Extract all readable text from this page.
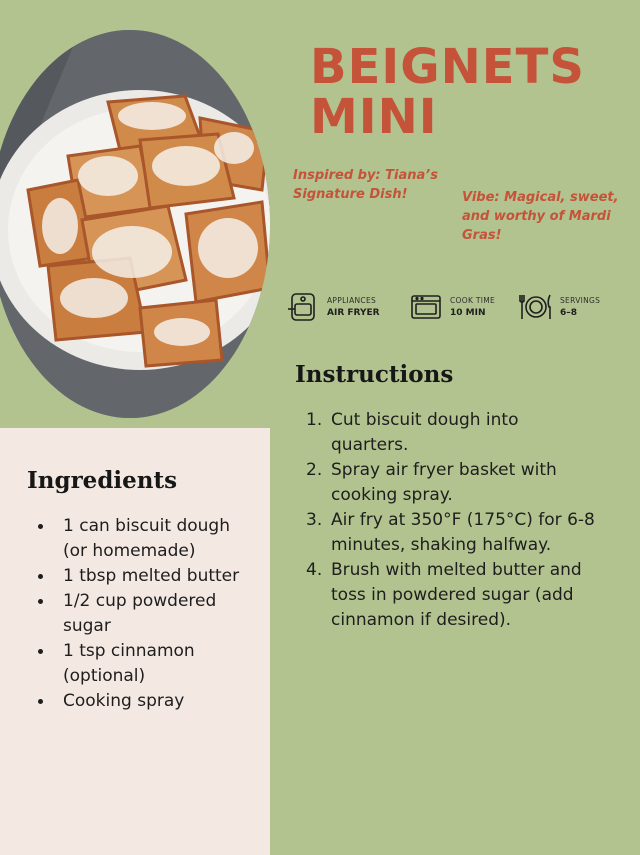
BEIGNETS
MINI
Inspired by: Tiana’s Signature Dish!	Vibe: Magical, sweet, and worthy of Mardi Gras!
APPLIANCES
AIR FRYER
COOK TIME
10 MIN
SERVINGS
6–8
Instructions
1. Cut biscuit dough into quarters.
2. Spray air fryer basket with cooking spray.
3. Air fry at 350°F (175°C) for 6-8 minutes, shaking halfway.
4. Brush with melted butter and toss in powdered sugar (add cinnamon if desired).
Ingredients
1 can biscuit dough (or homemade)
1 tbsp melted butter
1/2 cup powdered sugar
1 tsp cinnamon (optional)
Cooking spray
